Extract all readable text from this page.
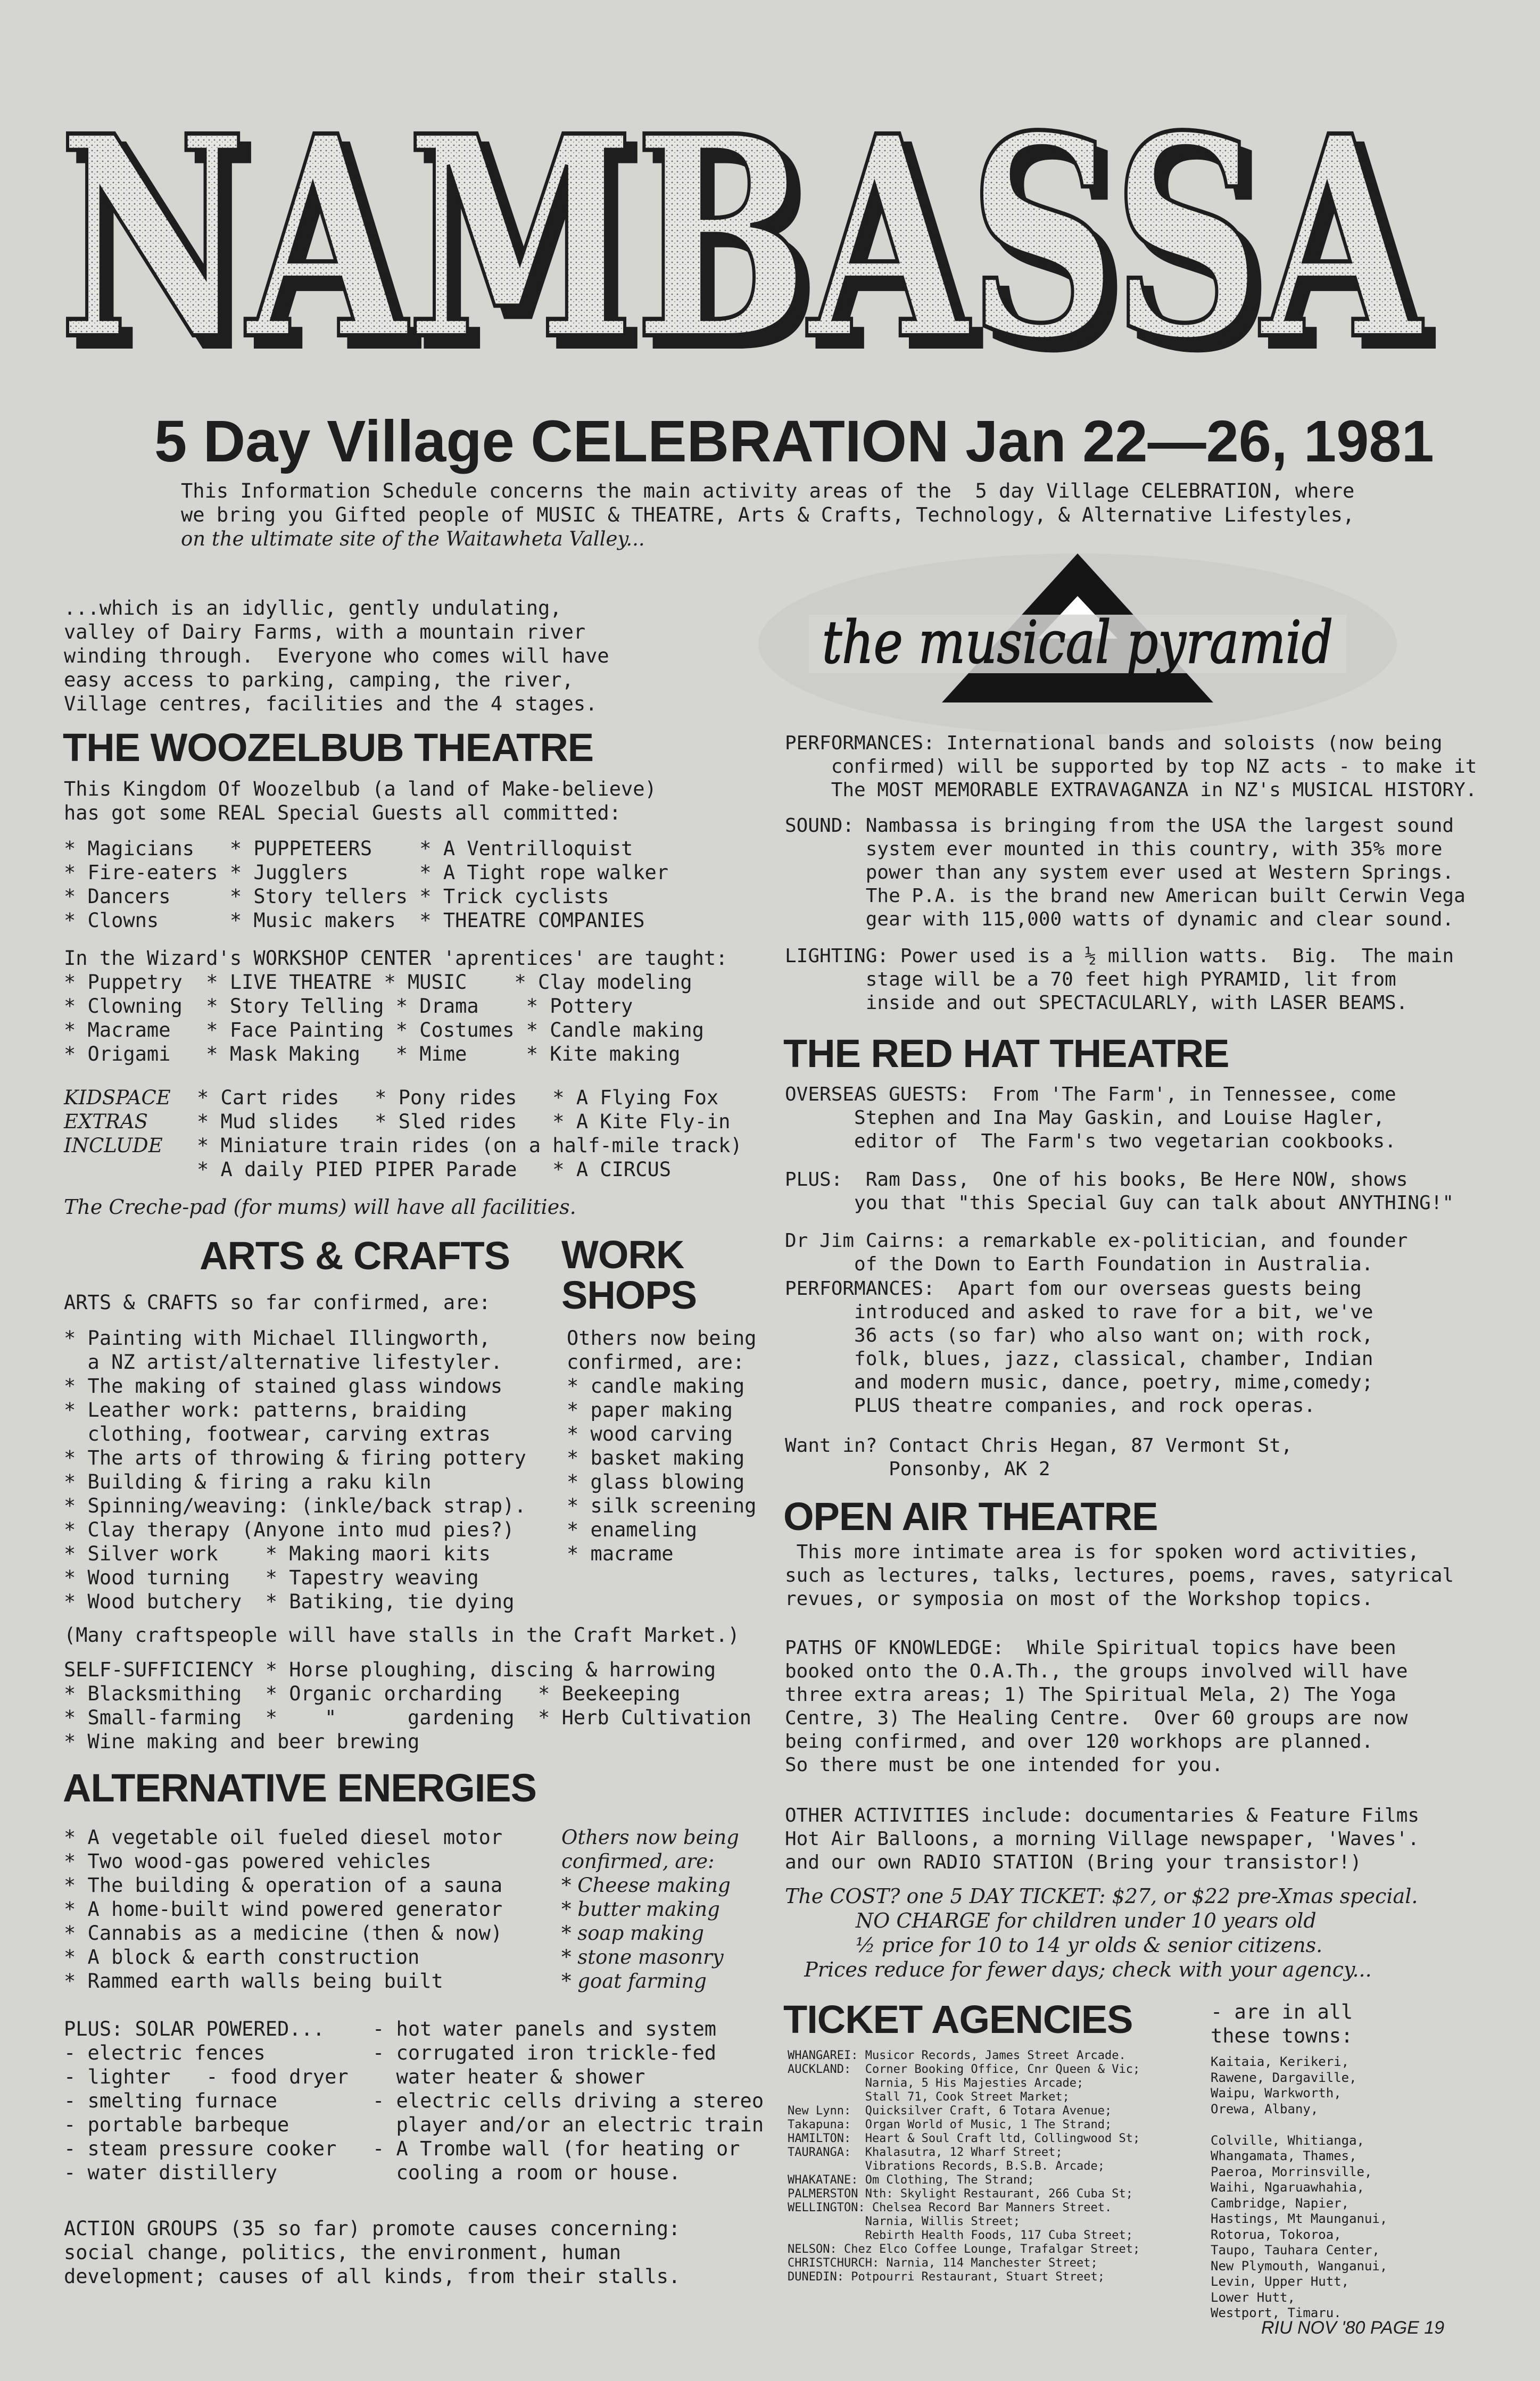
NAMBASSA
NAMBASSA
5 Day Village CELEBRATION Jan 22—26, 1981
This Information Schedule concerns the main activity areas of the  5 day Village CELEBRATION, where
we bring you Gifted people of MUSIC & THEATRE, Arts & Crafts, Technology, & Alternative Lifestyles,
on the ultimate site of the Waitawheta Valley...
...which is an idyllic, gently undulating,
valley of Dairy Farms, with a mountain river
winding through.  Everyone who comes will have
easy access to parking, camping, the river,
Village centres, facilities and the 4 stages.
the musical pyramid
THE WOOZELBUB THEATRE
This Kingdom Of Woozelbub (a land of Make-believe)
has got some REAL Special Guests all committed:
* Magicians   * PUPPETEERS    * A Ventrilloquist
* Fire-eaters * Jugglers      * A Tight rope walker
* Dancers     * Story tellers * Trick cyclists
* Clowns      * Music makers  * THEATRE COMPANIES
In the Wizard's WORKSHOP CENTER 'aprentices' are taught:
* Puppetry  * LIVE THEATRE * MUSIC    * Clay modeling
* Clowning  * Story Telling * Drama    * Pottery
* Macrame   * Face Painting * Costumes * Candle making
* Origami   * Mask Making   * Mime     * Kite making
KIDSPACE
EXTRAS
INCLUDE
* Cart rides   * Pony rides   * A Flying Fox
* Mud slides   * Sled rides   * A Kite Fly-in
* Miniature train rides (on a half-mile track)
* A daily PIED PIPER Parade   * A CIRCUS
The Creche-pad (for mums) will have all facilities.
ARTS & CRAFTS WORK
SHOPS
ARTS & CRAFTS so far confirmed, are:
* Painting with Michael Illingworth,
a NZ artist/alternative lifestyler.
* The making of stained glass windows
* Leather work: patterns, braiding
clothing, footwear, carving extras
* The arts of throwing & firing pottery
* Building & firing a raku kiln
* Spinning/weaving: (inkle/back strap).
* Clay therapy (Anyone into mud pies?)
* Silver work    * Making maori kits
* Wood turning   * Tapestry weaving
* Wood butchery  * Batiking, tie dying
Others now being
confirmed, are:
* candle making
* paper making
* wood carving
* basket making
* glass blowing
* silk screening
* enameling
* macrame
(Many craftspeople will have stalls in the Craft Market.)
SELF-SUFFICIENCY * Horse ploughing, discing & harrowing
* Blacksmithing  * Organic orcharding   * Beekeeping
* Small-farming  *    "      gardening  * Herb Cultivation
* Wine making and beer brewing
ALTERNATIVE ENERGIES
* A vegetable oil fueled diesel motor
* Two wood-gas powered vehicles
* The building & operation of a sauna
* A home-built wind powered generator
* Cannabis as a medicine (then & now)
* A block & earth construction
* Rammed earth walls being built
Others now being
confirmed, are:
* Cheese making
* butter making
* soap making
* stone masonry
* goat farming
PLUS: SOLAR POWERED...
- electric fences
- lighter   - food dryer
- smelting furnace
- portable barbeque
- steam pressure cooker
- water distillery
- hot water panels and system
- corrugated iron trickle-fed
water heater & shower
- electric cells driving a stereo
player and/or an electric train
- A Trombe wall (for heating or
cooling a room or house.
ACTION GROUPS (35 so far) promote causes concerning:
social change, politics, the environment, human
development; causes of all kinds, from their stalls.
PERFORMANCES: International bands and soloists (now being
confirmed) will be supported by top NZ acts - to make it
The MOST MEMORABLE EXTRAVAGANZA in NZ's MUSICAL HISTORY.
SOUND: Nambassa is bringing from the USA the largest sound
system ever mounted in this country, with 35% more
power than any system ever used at Western Springs.
The P.A. is the brand new American built Cerwin Vega
gear with 115,000 watts of dynamic and clear sound.
LIGHTING: Power used is a ½ million watts.  Big.  The main
stage will be a 70 feet high PYRAMID, lit from
inside and out SPECTACULARLY, with LASER BEAMS.
THE RED HAT THEATRE
OVERSEAS GUESTS:  From 'The Farm', in Tennessee, come
Stephen and Ina May Gaskin, and Louise Hagler,
editor of  The Farm's two vegetarian cookbooks.
PLUS:  Ram Dass,  One of his books, Be Here NOW, shows
you that "this Special Guy can talk about ANYTHING!"
Dr Jim Cairns: a remarkable ex-politician, and founder
of the Down to Earth Foundation in Australia.
PERFORMANCES:  Apart fom our overseas guests being
introduced and asked to rave for a bit, we've
36 acts (so far) who also want on; with rock,
folk, blues, jazz, classical, chamber, Indian
and modern music, dance, poetry, mime,comedy;
PLUS theatre companies, and rock operas.
Want in? Contact Chris Hegan, 87 Vermont St,
Ponsonby, AK 2
OPEN AIR THEATRE
This more intimate area is for spoken word activities,
such as lectures, talks, lectures, poems, raves, satyrical
revues, or symposia on most of the Workshop topics.
PATHS OF KNOWLEDGE:  While Spiritual topics have been
booked onto the O.A.Th., the groups involved will have
three extra areas; 1) The Spiritual Mela, 2) The Yoga
Centre, 3) The Healing Centre.  Over 60 groups are now
being confirmed, and over 120 workhops are planned.
So there must be one intended for you.
OTHER ACTIVITIES include: documentaries & Feature Films
Hot Air Balloons, a morning Village newspaper, 'Waves'.
and our own RADIO STATION (Bring your transistor!)
The COST? one 5 DAY TICKET: $27, or $22 pre-Xmas special.
NO CHARGE for children under 10 years old
½ price for 10 to 14 yr olds & senior citizens.
Prices reduce for fewer days; check with your agency...
TICKET AGENCIES	- are in all
these towns:
WHANGAREI: Musicor Records, James Street Arcade.
AUCKLAND:  Corner Booking Office, Cnr Queen & Vic;
Narnia, 5 His Majesties Arcade;
Stall 71, Cook Street Market;
New Lynn:  Quicksilver Craft, 6 Totara Avenue;
Takapuna:  Organ World of Music, 1 The Strand;
HAMILTON:  Heart & Soul Craft ltd, Collingwood St;
TAURANGA:  Khalasutra, 12 Wharf Street;
Vibrations Records, B.S.B. Arcade;
WHAKATANE: Om Clothing, The Strand;
PALMERSTON Nth: Skylight Restaurant, 266 Cuba St;
WELLINGTON: Chelsea Record Bar Manners Street.
Narnia, Willis Street;
Rebirth Health Foods, 117 Cuba Street;
NELSON: Chez Elco Coffee Lounge, Trafalgar Street;
CHRISTCHURCH: Narnia, 114 Manchester Street;
DUNEDIN: Potpourri Restaurant, Stuart Street;
Kaitaia, Kerikeri,
Rawene, Dargaville,
Waipu, Warkworth,
Orewa, Albany,

Colville, Whitianga,
Whangamata, Thames,
Paeroa, Morrinsville,
Waihi, Ngaruawhahia,
Cambridge, Napier,
Hastings, Mt Maunganui,
Rotorua, Tokoroa,
Taupo, Tauhara Center,
New Plymouth, Wanganui,
Levin, Upper Hutt,
Lower Hutt,
Westport, Timaru.
RIU NOV '80 PAGE 19
